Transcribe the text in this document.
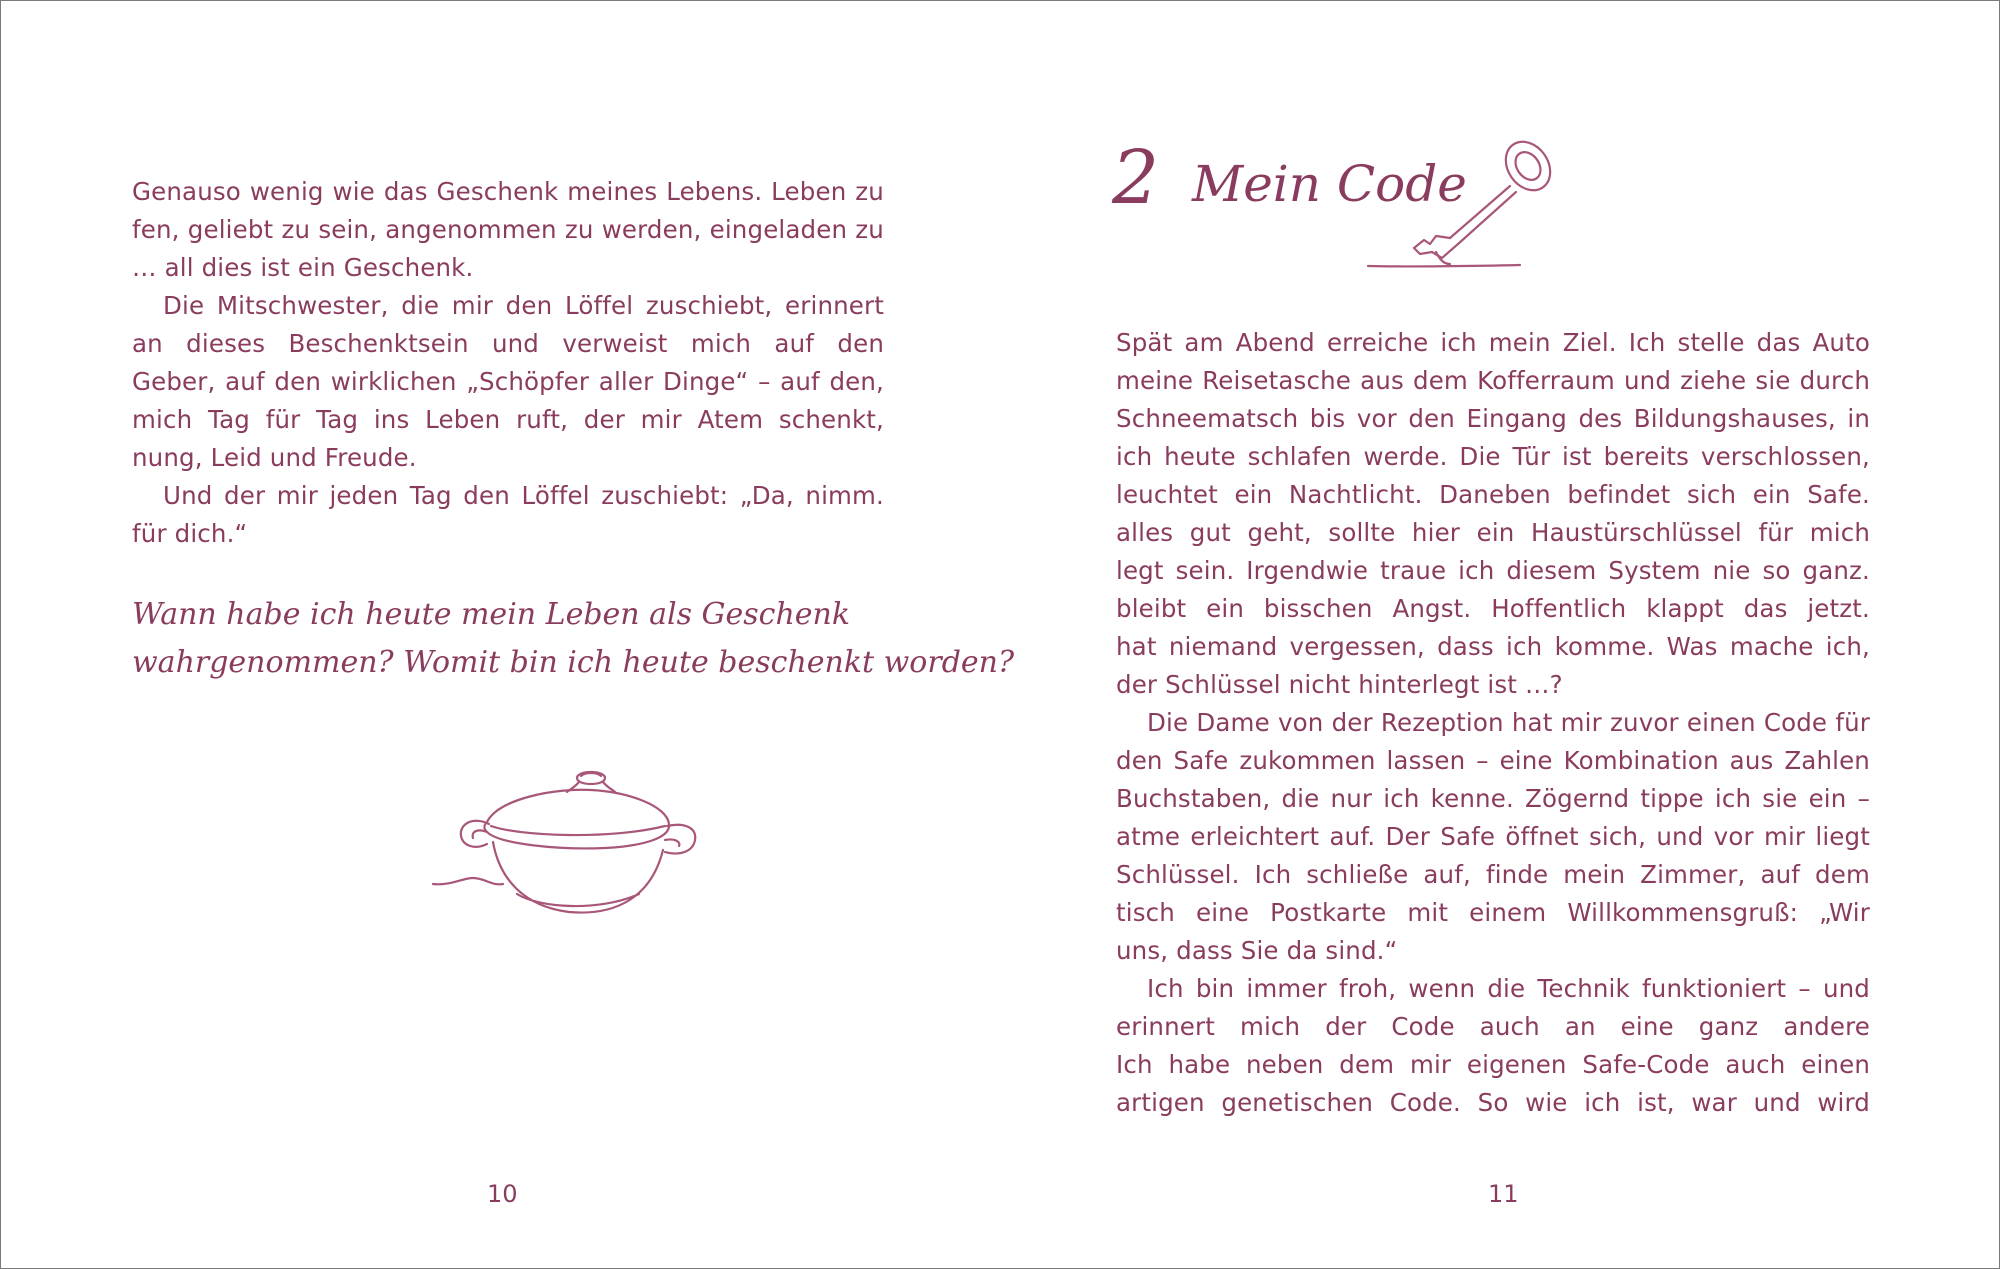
Genauso wenig wie das Geschenk meines Lebens. Leben zu
fen, geliebt zu sein, angenommen zu werden, eingeladen zu
… all dies ist ein Geschenk.
Die Mitschwester, die mir den Löffel zuschiebt, erinnert
an dieses Beschenktsein und verweist mich auf den
Geber, auf den wirklichen „Schöpfer aller Dinge“ – auf den,
mich Tag für Tag ins Leben ruft, der mir Atem schenkt,
nung, Leid und Freude.
Und der mir jeden Tag den Löffel zuschiebt: „Da, nimm.
für dich.“
Wann habe ich heute mein Leben als Geschenk
wahrgenommen? Womit bin ich heute beschenkt worden?
10
2 Mein Code
Spät am Abend erreiche ich mein Ziel. Ich stelle das Auto
meine Reisetasche aus dem Kofferraum und ziehe sie durch
Schneematsch bis vor den Eingang des Bildungshauses, in
ich heute schlafen werde. Die Tür ist bereits verschlossen,
leuchtet ein Nachtlicht. Daneben befindet sich ein Safe.
alles gut geht, sollte hier ein Haustürschlüssel für mich
legt sein. Irgendwie traue ich diesem System nie so ganz.
bleibt ein bisschen Angst. Hoffentlich klappt das jetzt.
hat niemand vergessen, dass ich komme. Was mache ich,
der Schlüssel nicht hinterlegt ist …?
Die Dame von der Rezeption hat mir zuvor einen Code für
den Safe zukommen lassen – eine Kombination aus Zahlen
Buchstaben, die nur ich kenne. Zögernd tippe ich sie ein –
atme erleichtert auf. Der Safe öffnet sich, und vor mir liegt
Schlüssel. Ich schließe auf, finde mein Zimmer, auf dem
tisch eine Postkarte mit einem Willkommensgruß: „Wir
uns, dass Sie da sind.“
Ich bin immer froh, wenn die Technik funktioniert – und
erinnert mich der Code auch an eine ganz andere
Ich habe neben dem mir eigenen Safe-Code auch einen
artigen genetischen Code. So wie ich ist, war und wird
11
